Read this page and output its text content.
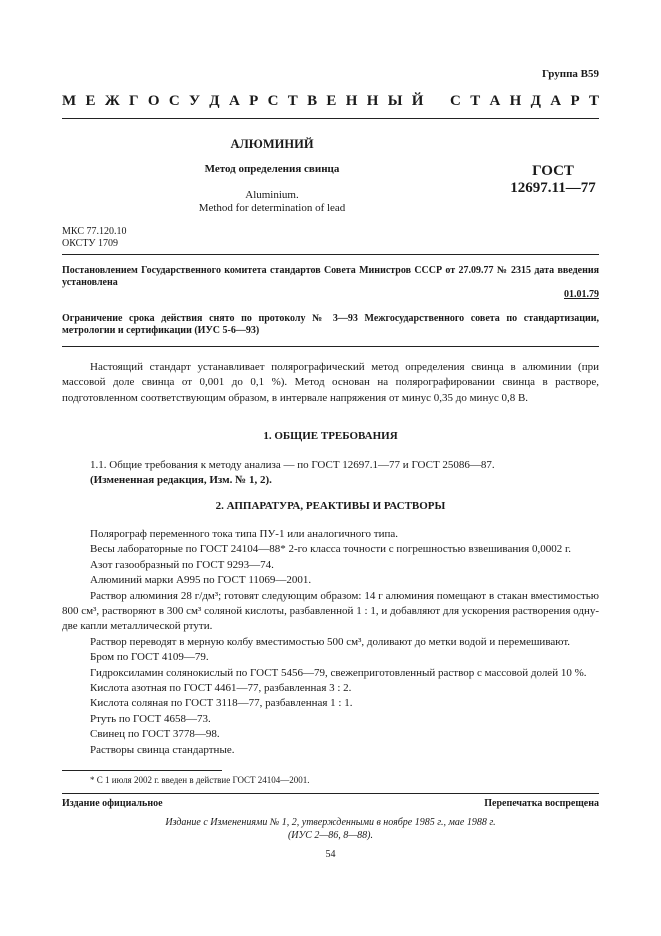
Группа В59
М Е Ж Г О С У Д А Р С Т В Е Н Н Ы Й С Т А Н Д А Р Т
АЛЮМИНИЙ
Метод определения свинца
Aluminium.
Method for determination of lead
ГОСТ
12697.11—77
МКС 77.120.10
ОКСТУ 1709
Постановлением Государственного комитета стандартов Совета Министров СССР от 27.09.77 № 2315 дата введения установлена
01.01.79
Ограничение срока действия снято по протоколу № 3—93 Межгосударственного совета по стандартизации, метрологии и сертификации (ИУС 5-6—93)

Настоящий стандарт устанавливает полярографический метод определения свинца в алюминии (при массовой доле свинца от 0,001 до 0,1 %). Метод основан на полярографировании свинца в растворе, подготовленном соответствующим образом, в интервале напряжения от минус 0,35 до минус 0,8 В.

1. ОБЩИЕ ТРЕБОВАНИЯ

1.1. Общие требования к методу анализа — по ГОСТ 12697.1—77 и ГОСТ 25086—87.

(Измененная редакция, Изм. № 1, 2).

2. АППАРАТУРА, РЕАКТИВЫ И РАСТВОРЫ

Полярограф переменного тока типа ПУ-1 или аналогичного типа.

Весы лабораторные по ГОСТ 24104—88* 2-го класса точности с погрешностью взвешивания 0,0002 г.

Азот газообразный по ГОСТ 9293—74.

Алюминий марки А995 по ГОСТ 11069—2001.

Раствор алюминия 28 г/дм³; готовят следующим образом: 14 г алюминия помещают в стакан вместимостью 800 см³, растворяют в 300 см³ соляной кислоты, разбавленной 1 : 1, и добавляют для ускорения растворения одну-две капли металлической ртути.

Раствор переводят в мерную колбу вместимостью 500 см³, доливают до метки водой и перемешивают.

Бром по ГОСТ 4109—79.

Гидроксиламин солянокислый по ГОСТ 5456—79, свежеприготовленный раствор с массовой долей 10 %.

Кислота азотная по ГОСТ 4461—77, разбавленная 3 : 2.

Кислота соляная по ГОСТ 3118—77, разбавленная 1 : 1.

Ртуть по ГОСТ 4658—73.

Свинец по ГОСТ 3778—98.

Растворы свинца стандартные.

* С 1 июля 2002 г. введен в действие ГОСТ 24104—2001.
Издание официальное	Перепечатка воспрещена
Издание с Изменениями № 1, 2, утвержденными в ноябре 1985 г., мае 1988 г.
(ИУС 2—86, 8—88).
54
